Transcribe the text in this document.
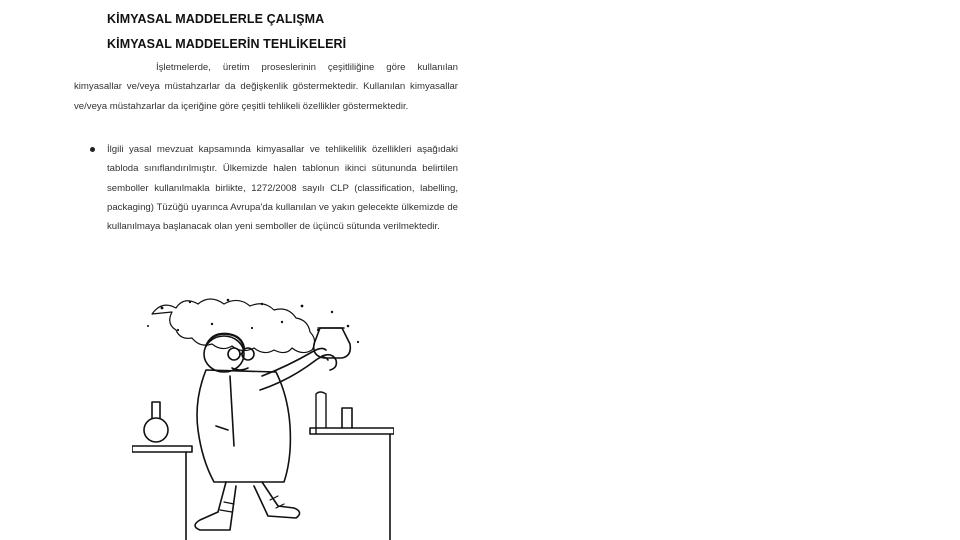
KİMYASAL MADDELERLE ÇALIŞMA
KİMYASAL MADDELERİN TEHLİKELERİ

İşletmelerde, üretim proseslerinin çeşitliliğine göre kullanılan kimyasallar ve/veya müstahzarlar da değişkenlik göstermektedir. Kullanılan kimyasallar ve/veya müstahzarlar da içeriğine göre çeşitli tehlikeli özellikler göstermektedir.

İlgili yasal mevzuat kapsamında kimyasallar ve tehlikelilik özellikleri aşağıdaki tabloda sınıflandırılmıştır. Ülkemizde halen tablonun ikinci sütununda belirtilen semboller kullanılmakla birlikte, 1272/2008 sayılı CLP (classification, labelling, packaging) Tüzüğü uyarınca Avrupa'da kullanılan ve yakın gelecekte ülkemizde de kullanılmaya başlanacak olan yeni semboller de üçüncü sütunda verilmektedir.
